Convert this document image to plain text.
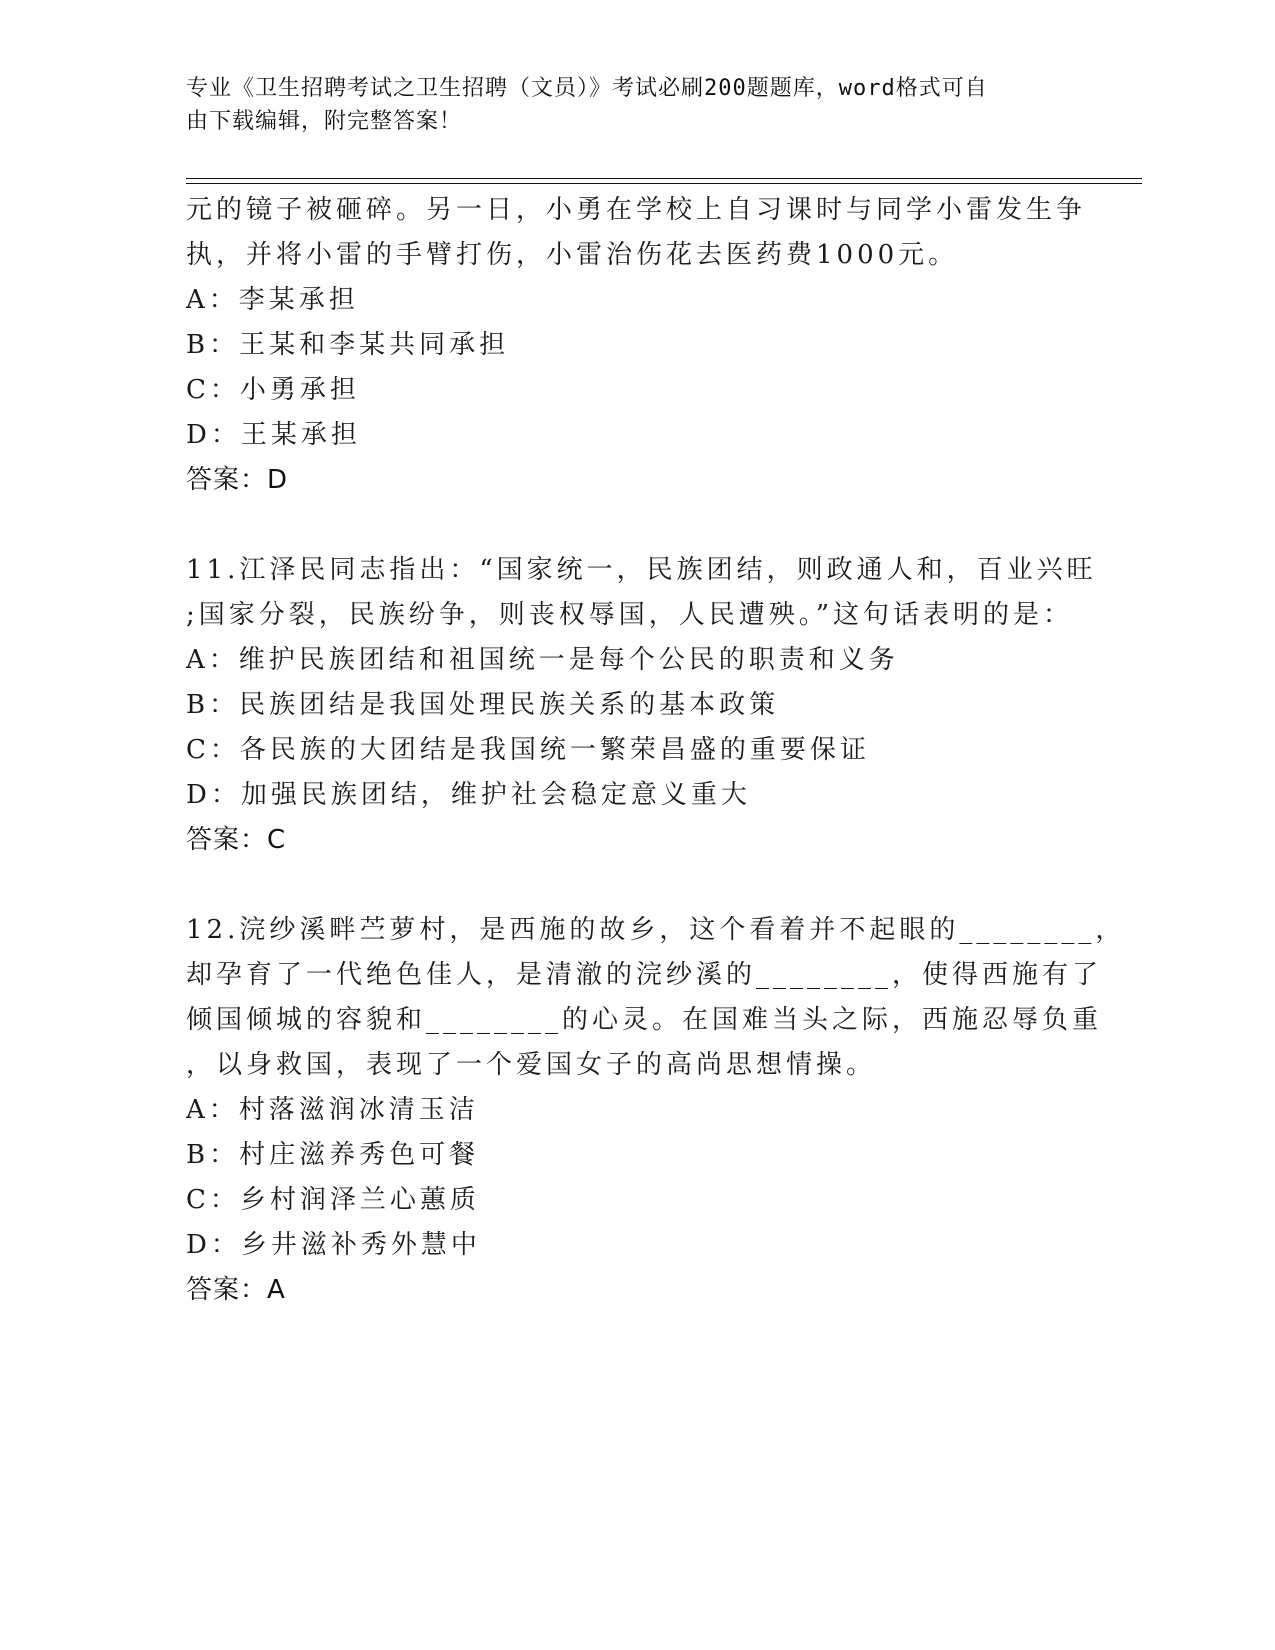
专业《卫生招聘考试之卫生招聘（文员）》考试必刷200题题库，word格式可自
由下载编辑，附完整答案！
元的镜子被砸碎。另一日，小勇在学校上自习课时与同学小雷发生争
执，并将小雷的手臂打伤，小雷治伤花去医药费1000元。
A：李某承担
B：王某和李某共同承担
C：小勇承担
D：王某承担
答案：D
11.江泽民同志指出：“国家统一，民族团结，则政通人和，百业兴旺
;国家分裂，民族纷争，则丧权辱国，人民遭殃。”这句话表明的是：
A：维护民族团结和祖国统一是每个公民的职责和义务
B：民族团结是我国处理民族关系的基本政策
C：各民族的大团结是我国统一繁荣昌盛的重要保证
D：加强民族团结，维护社会稳定意义重大
答案：C
12.浣纱溪畔苎萝村，是西施的故乡，这个看着并不起眼的________，
却孕育了一代绝色佳人，是清澈的浣纱溪的________，使得西施有了
倾国倾城的容貌和________的心灵。在国难当头之际，西施忍辱负重
，以身救国，表现了一个爱国女子的高尚思想情操。
A：村落滋润冰清玉洁
B：村庄滋养秀色可餐
C：乡村润泽兰心蕙质
D：乡井滋补秀外慧中
答案：A
